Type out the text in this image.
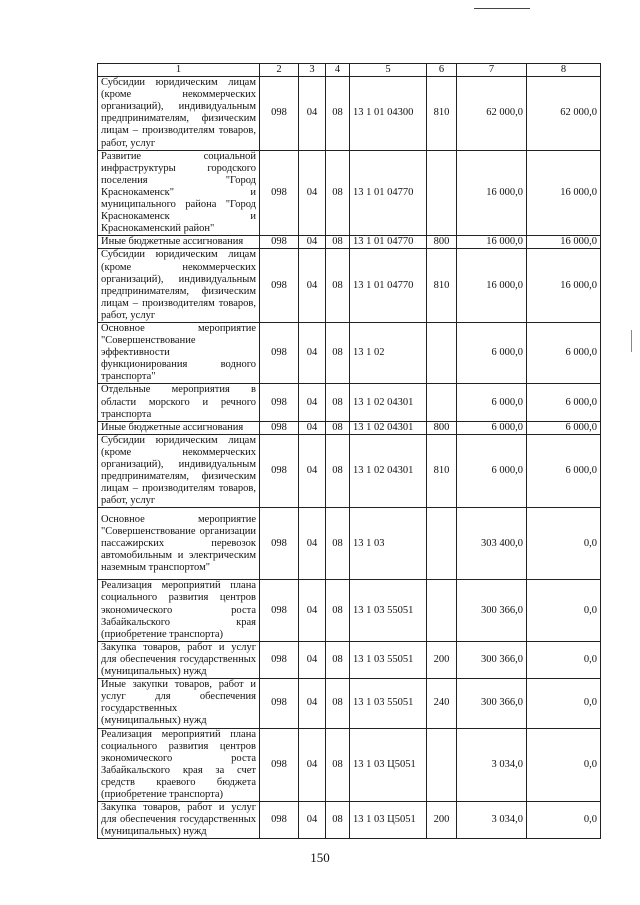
1	2	3	4	5	6	7	8
Субсидии юридическим лицам (кроме некоммерческих организаций), индивидуальным предпринимателям, физическим лицам – производителям товаров, работ, услуг	098	04	08	13 1 01 04300	810	62 000,0	62 000,0
Развитие социальной инфраструктуры городского поселения "Город Краснокаменск" и муниципального района "Город Краснокаменск и Краснокаменский район"	098	04	08	13 1 01 04770		16 000,0	16 000,0
Иные бюджетные ассигнования	098	04	08	13 1 01 04770	800	16 000,0	16 000,0
Субсидии юридическим лицам (кроме некоммерческих организаций), индивидуальным предпринимателям, физическим лицам – производителям товаров, работ, услуг	098	04	08	13 1 01 04770	810	16 000,0	16 000,0
Основное мероприятие "Совершенствование эффективности функционирования водного транспорта"	098	04	08	13 1 02		6 000,0	6 000,0
Отдельные мероприятия в области морского и речного транспорта	098	04	08	13 1 02 04301		6 000,0	6 000,0
Иные бюджетные ассигнования	098	04	08	13 1 02 04301	800	6 000,0	6 000,0
Субсидии юридическим лицам (кроме некоммерческих организаций), индивидуальным предпринимателям, физическим лицам – производителям товаров, работ, услуг	098	04	08	13 1 02 04301	810	6 000,0	6 000,0
Основное мероприятие "Совершенствование организации пассажирских перевозок автомобильным и электрическим наземным транспортом"	098	04	08	13 1 03		303 400,0	0,0
Реализация мероприятий плана социального развития центров экономического роста Забайкальского края (приобретение транспорта)	098	04	08	13 1 03 55051		300 366,0	0,0
Закупка товаров, работ и услуг для обеспечения государственных (муниципальных) нужд	098	04	08	13 1 03 55051	200	300 366,0	0,0
Иные закупки товаров, работ и услуг для обеспечения государственных (муниципальных) нужд	098	04	08	13 1 03 55051	240	300 366,0	0,0
Реализация мероприятий плана социального развития центров экономического роста Забайкальского края за счет средств краевого бюджета (приобретение транспорта)	098	04	08	13 1 03 Ц5051		3 034,0	0,0
Закупка товаров, работ и услуг для обеспечения государственных (муниципальных) нужд	098	04	08	13 1 03 Ц5051	200	3 034,0	0,0
150
